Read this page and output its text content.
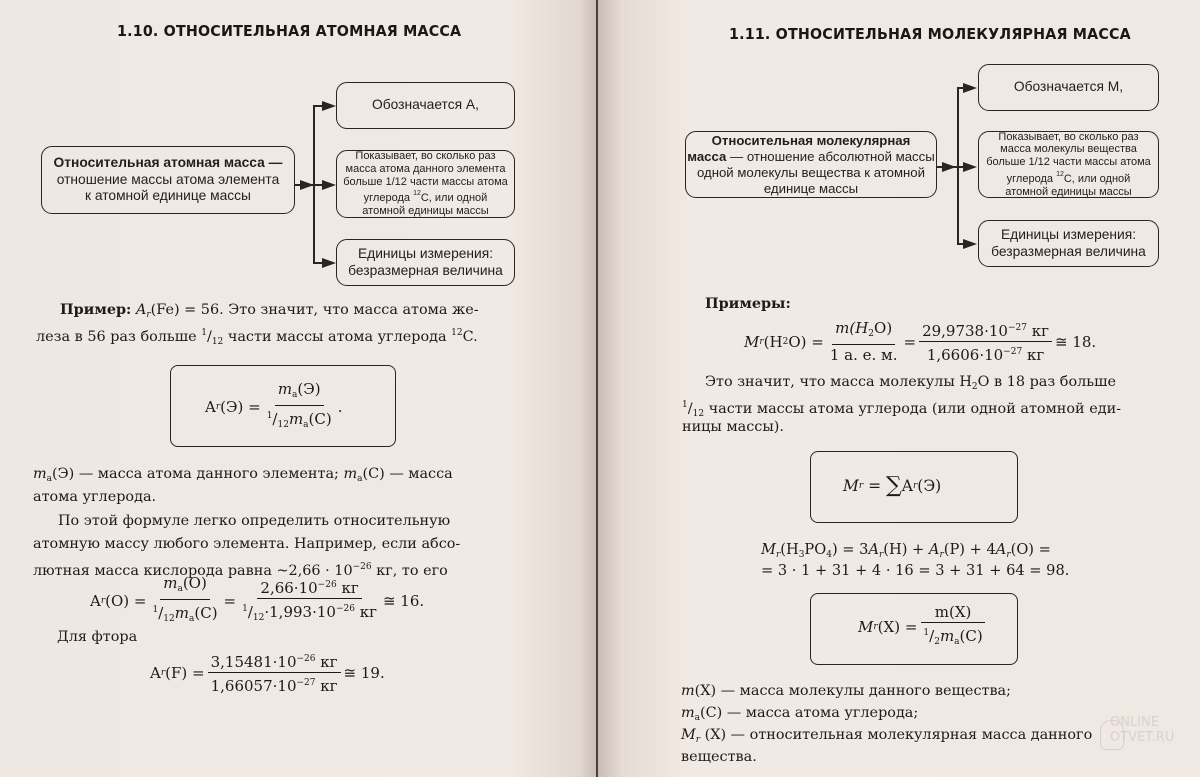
1.10. ОТНОСИТЕЛЬНАЯ АТОМНАЯ МАССА
Относительная атомная масса —
отношение массы атома элемента
к атомной единице массы
Обозначается A,
Показывает, во сколько раз
масса атома данного элемента
больше 1/12 части массы атома
углерода $^{12}$C, или одной
атомной единицы массы
Единицы измерения:
безразмерная величина
Пример: $A_r(Fe) = 56$. Это значит, что масса атома же-
леза в 56 раз больше $^1/_{12}$ части массы атома углерода $^{12}$C.
A r $(Э) = \frac{m_a(Э)}{^1/_{12}m_a(C)}$ .
$m_a(Э)$ — масса атома данного элемента; $m_a(C)$ — масса
атома углерода.
По этой формуле легко определить относительную
атомную массу любого элемента. Например, если абсо-
лютная масса кислорода равна ~2,66 · $10^{-26}$ кг, то его
A r $(O) = \frac{m_a(O)}{^1/_{12}m_a(C)} = \frac{2,66\cdot 10^{-26} кг}{^1/_{12}\cdot 1,993\cdot 10^{-26} кг}$ ≅ 16.
Для фтора
A r $(F) = \frac{3,15481\cdot 10^{-26} кг}{1,66057\cdot 10^{-27} кг}$ ≅ 19.
1.11. ОТНОСИТЕЛЬНАЯ МОЛЕКУЛЯРНАЯ МАССА
Относительная молекулярная
масса — отношение абсолютной массы
одной молекулы вещества к атомной
единице массы
Обозначается M,
Показывает, во сколько раз
масса молекулы вещества
больше 1/12 части массы атома
углерода $^{12}$C, или одной
атомной единицы массы
Единицы измерения:
безразмерная величина
Примеры:
M r (H 2 $O) = \frac{m(H_2O)}{1 а. е. м.} = \frac{29,9738\cdot 10^{-27} кг}{1,6606\cdot 10^{-27} кг}$ ≅ 18.
Это значит, что масса молекулы $H_2O$ в 18 раз больше
$^1/_{12}$ части массы атома углерода (или одной атомной еди-
ницы массы).
M r = ∑ A r (Э)
$M_r(H_3PO_4) = 3A_r(H) + A_r(P) + 4A_r(O)$ =
= 3 · 1 + 31 + 4 · 16 = 3 + 31 + 64 = 98.
M r $(X) = \frac{m(X)}{^1/_2m_a(C)}$
m(X) — масса молекулы данного вещества;
$m_a(C)$ — масса атома углерода;
$M_r$ (X) — относительная молекулярная масса данного
вещества.
ONLINE
OTVET.RU
